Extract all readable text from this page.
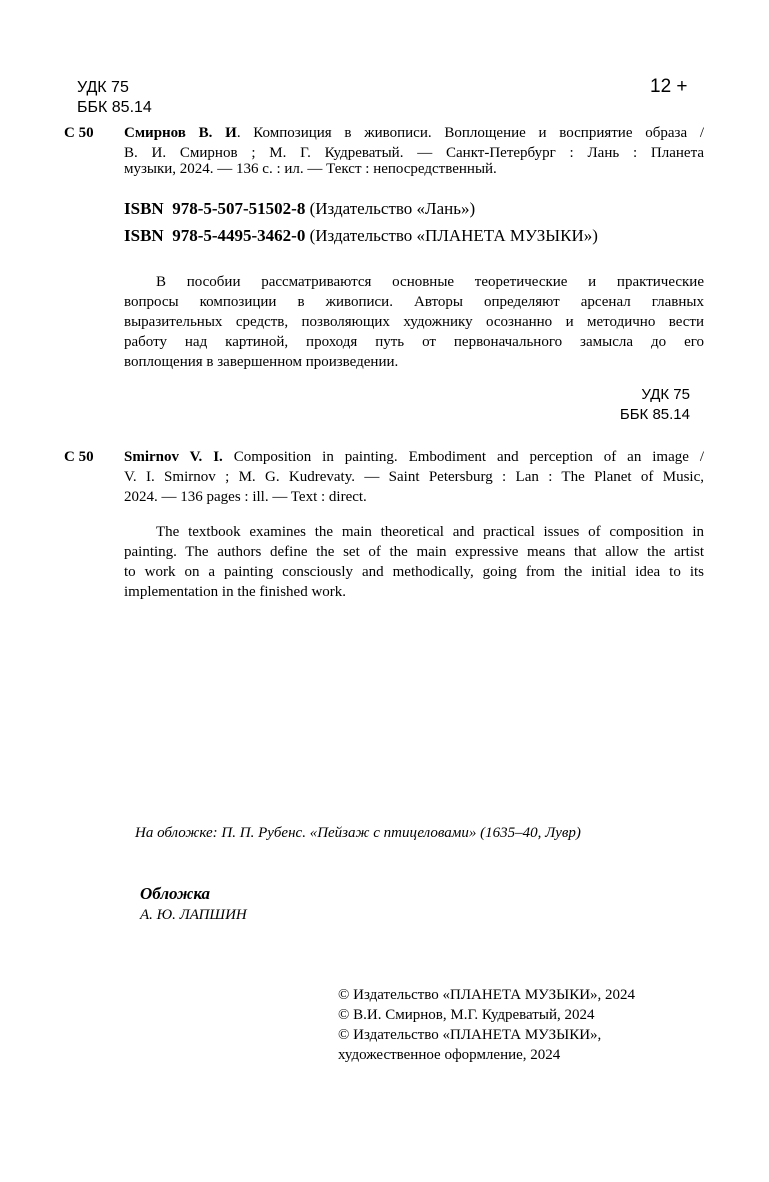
УДК 75
ББК 85.14
12 +
С 50 Смирнов В. И. Композиция в живописи. Воплощение и восприятие образа /
В. И. Смирнов ; М. Г. Кудреватый. — Санкт-Петербург : Лань : Планета
музыки, 2024. — 136 с. : ил. — Текст : непосредственный.
ISBN 978-5-507-51502-8 (Издательство «Лань»)
ISBN 978-5-4495-3462-0 (Издательство «ПЛАНЕТА МУЗЫКИ»)
В пособии рассматриваются основные теоретические и практические
вопросы композиции в живописи. Авторы определяют арсенал главных
выразительных средств, позволяющих художнику осознанно и методично вести
работу над картиной, проходя путь от первоначального замысла до его
воплощения в завершенном произведении.
УДК 75
ББК 85.14
С 50 Smirnov V. I. Composition in painting. Embodiment and perception of an image /
V. I. Smirnov ; M. G. Kudrevaty. — Saint Petersburg : Lan : The Planet of Music,
2024. — 136 pages : ill. — Text : direct.
The textbook examines the main theoretical and practical issues of composition in
painting. The authors define the set of the main expressive means that allow the artist
to work on a painting consciously and methodically, going from the initial idea to its
implementation in the finished work.
На обложке: П. П. Рубенс. «Пейзаж с птицеловами» (1635–40, Лувр)
Обложка
А. Ю. ЛАПШИН
© Издательство «ПЛАНЕТА МУЗЫКИ», 2024
© В.И. Смирнов, М.Г. Кудреватый, 2024
© Издательство «ПЛАНЕТА МУЗЫКИ»,
художественное оформление, 2024
